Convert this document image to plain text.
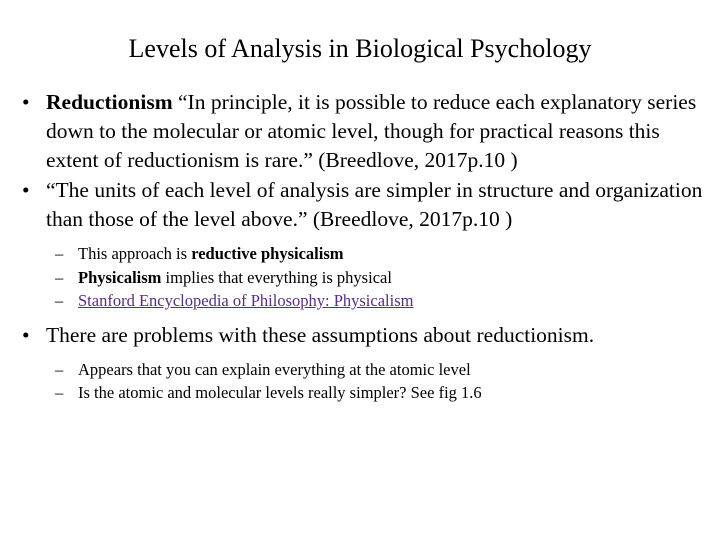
Levels of Analysis in Biological Psychology

• Reductionism “In principle, it is possible to reduce each explanatory series down to the molecular or atomic level, though for practical reasons this extent of reductionism is rare.” (Breedlove, 2017p.10 )

• “The units of each level of analysis are simpler in structure and organization than those of the level above.” (Breedlove, 2017p.10 )

– This approach is reductive physicalism

– Physicalism implies that everything is physical

– Stanford Encyclopedia of Philosophy: Physicalism

• There are problems with these assumptions about reductionism.

– Appears that you can explain everything at the atomic level

– Is the atomic and molecular levels really simpler? See fig 1.6
